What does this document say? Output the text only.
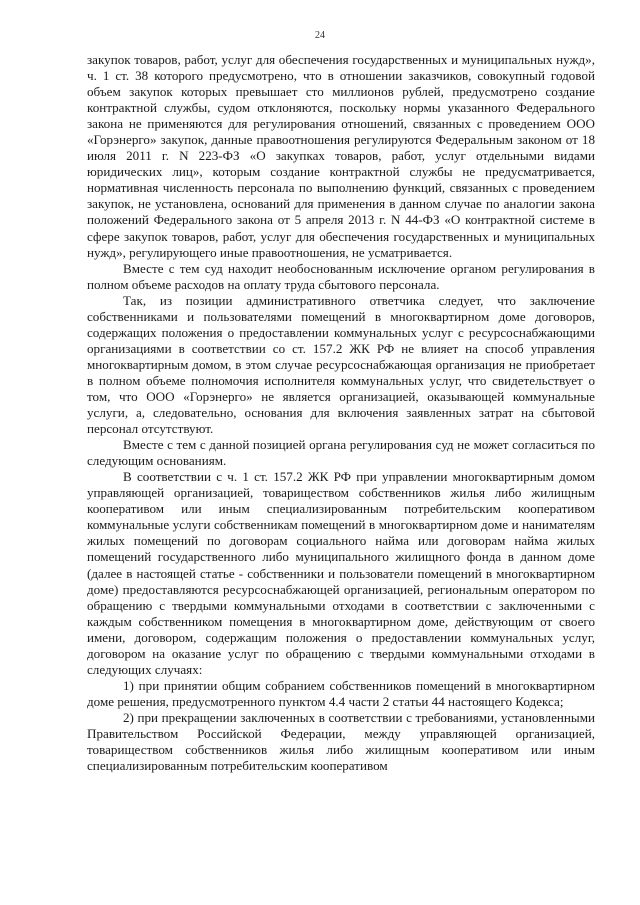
24

закупок товаров, работ, услуг для обеспечения государственных и муниципальных нужд», ч. 1 ст. 38 которого предусмотрено, что в отношении заказчиков, совокупный годовой объем закупок которых превышает сто миллионов рублей, предусмотрено создание контрактной службы, судом отклоняются, поскольку нормы указанного Федерального закона не применяются для регулирования отношений, связанных с проведением ООО «Горэнерго» закупок, данные правоотношения регулируются Федеральным законом от 18 июля 2011 г. N 223-ФЗ «О закупках товаров, работ, услуг отдельными видами юридических лиц», которым создание контрактной службы не предусматривается, нормативная численность персонала по выполнению функций, связанных с проведением закупок, не установлена, оснований для применения в данном случае по аналогии закона положений Федерального закона от 5 апреля 2013 г. N 44-ФЗ «О контрактной системе в сфере закупок товаров, работ, услуг для обеспечения государственных и муниципальных нужд», регулирующего иные правоотношения, не усматривается.

Вместе с тем суд находит необоснованным исключение органом регулирования в полном объеме расходов на оплату труда сбытового персонала.

Так, из позиции административного ответчика следует, что заключение собственниками и пользователями помещений в многоквартирном доме договоров, содержащих положения о предоставлении коммунальных услуг с ресурсоснабжающими организациями в соответствии со ст. 157.2 ЖК РФ не влияет на способ управления многоквартирным домом, в этом случае ресурсоснабжающая организация не приобретает в полном объеме полномочия исполнителя коммунальных услуг, что свидетельствует о том, что ООО «Горэнерго» не является организацией, оказывающей коммунальные услуги, а, следовательно, основания для включения заявленных затрат на сбытовой персонал отсутствуют.

Вместе с тем с данной позицией органа регулирования суд не может согласиться по следующим основаниям.

В соответствии с ч. 1 ст. 157.2 ЖК РФ при управлении многоквартирным домом управляющей организацией, товариществом собственников жилья либо жилищным кооперативом или иным специализированным потребительским кооперативом коммунальные услуги собственникам помещений в многоквартирном доме и нанимателям жилых помещений по договорам социального найма или договорам найма жилых помещений государственного либо муниципального жилищного фонда в данном доме (далее в настоящей статье - собственники и пользователи помещений в многоквартирном доме) предоставляются ресурсоснабжающей организацией, региональным оператором по обращению с твердыми коммунальными отходами в соответствии с заключенными с каждым собственником помещения в многоквартирном доме, действующим от своего имени, договором, содержащим положения о предоставлении коммунальных услуг, договором на оказание услуг по обращению с твердыми коммунальными отходами в следующих случаях:

1) при принятии общим собранием собственников помещений в многоквартирном доме решения, предусмотренного пунктом 4.4 части 2 статьи 44 настоящего Кодекса;

2) при прекращении заключенных в соответствии с требованиями, установленными Правительством Российской Федерации, между управляющей организацией, товариществом собственников жилья либо жилищным кооперативом или иным специализированным потребительским кооперативом
